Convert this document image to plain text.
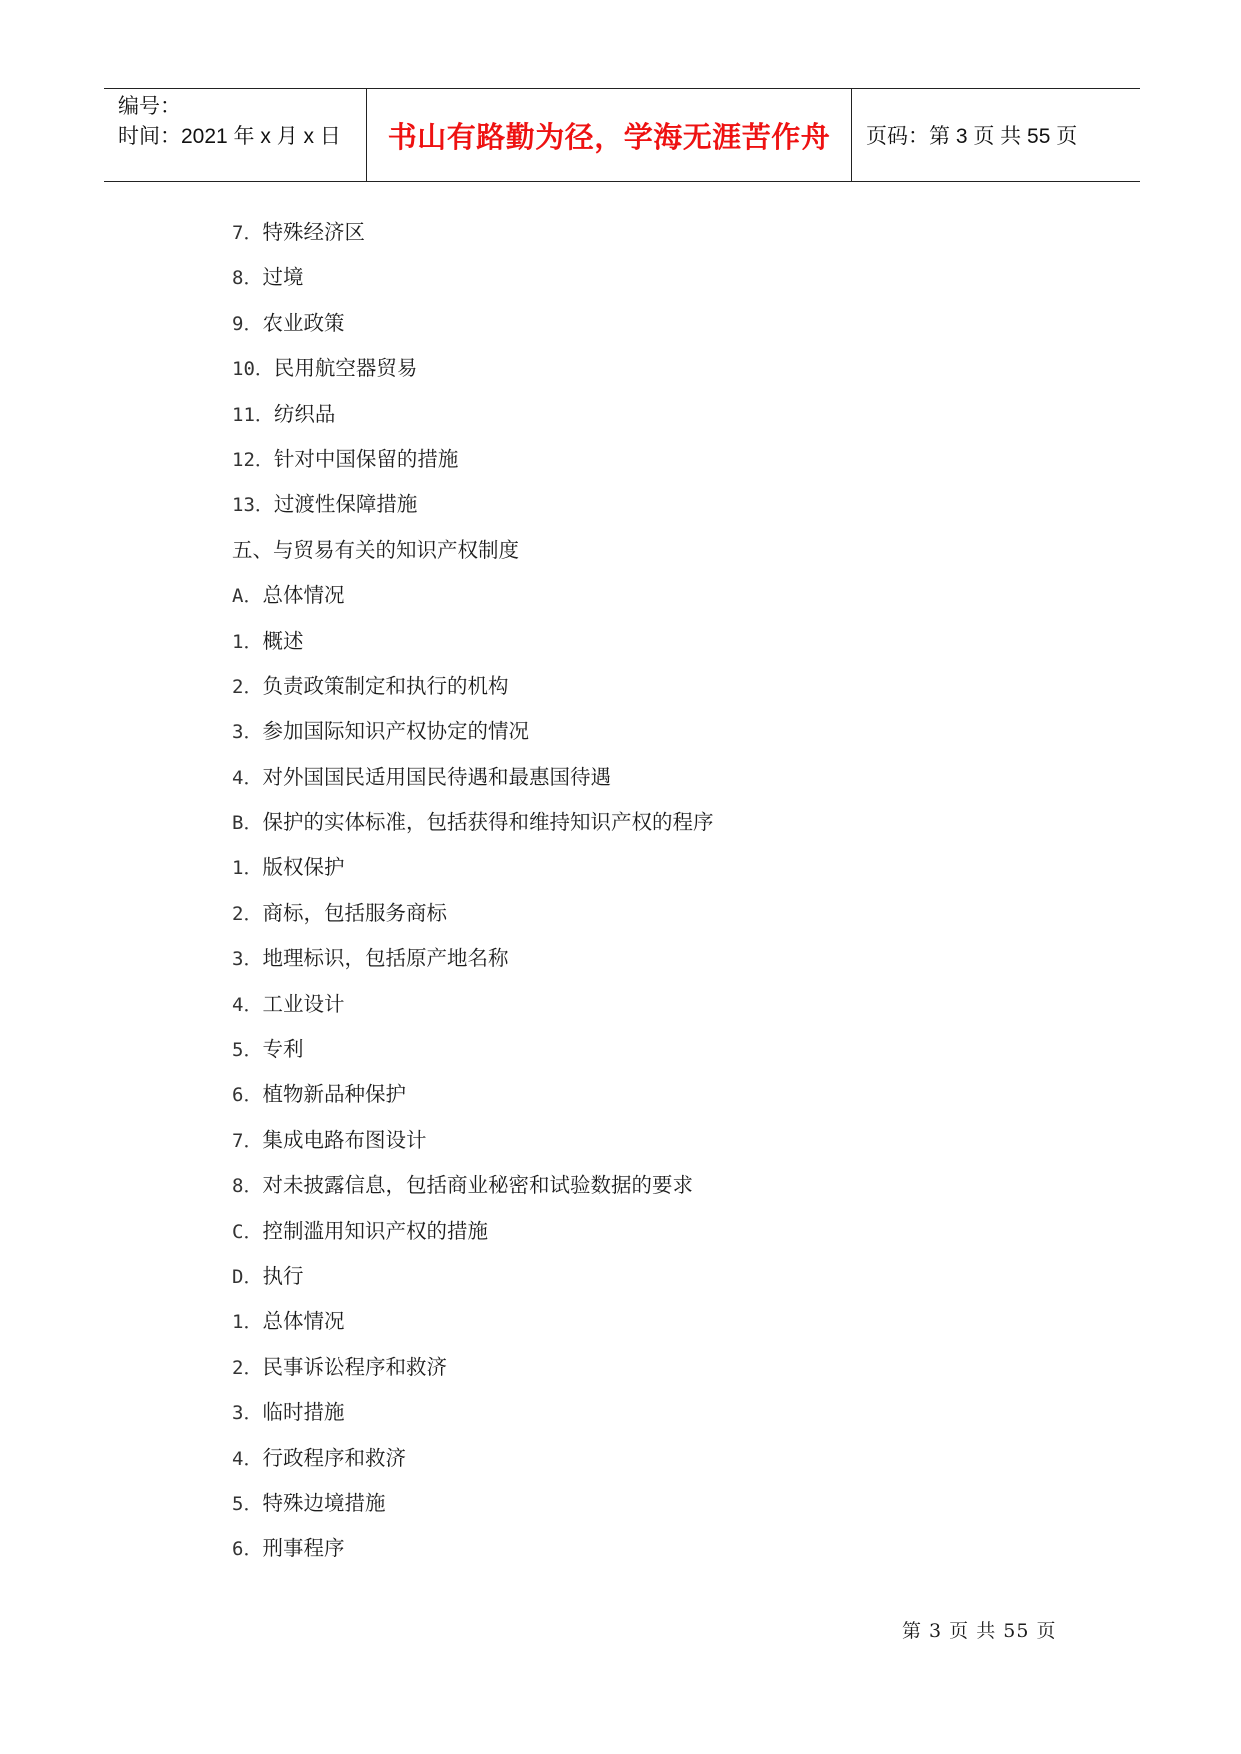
编号：
时间：2021 年 x 月 x 日	书山有路勤为径，学海无涯苦作舟 页码：第 3 页 共 55 页
7．特殊经济区
8．过境
9．农业政策
10．民用航空器贸易
11．纺织品
12．针对中国保留的措施
13．过渡性保障措施
五、与贸易有关的知识产权制度
A．总体情况
1．概述
2．负责政策制定和执行的机构
3．参加国际知识产权协定的情况
4．对外国国民适用国民待遇和最惠国待遇
B．保护的实体标准，包括获得和维持知识产权的程序
1．版权保护
2．商标，包括服务商标
3．地理标识，包括原产地名称
4．工业设计
5．专利
6．植物新品种保护
7．集成电路布图设计
8．对未披露信息，包括商业秘密和试验数据的要求
C．控制滥用知识产权的措施
D．执行
1．总体情况
2．民事诉讼程序和救济
3．临时措施
4．行政程序和救济
5．特殊边境措施
6．刑事程序
第 3 页 共 55 页
